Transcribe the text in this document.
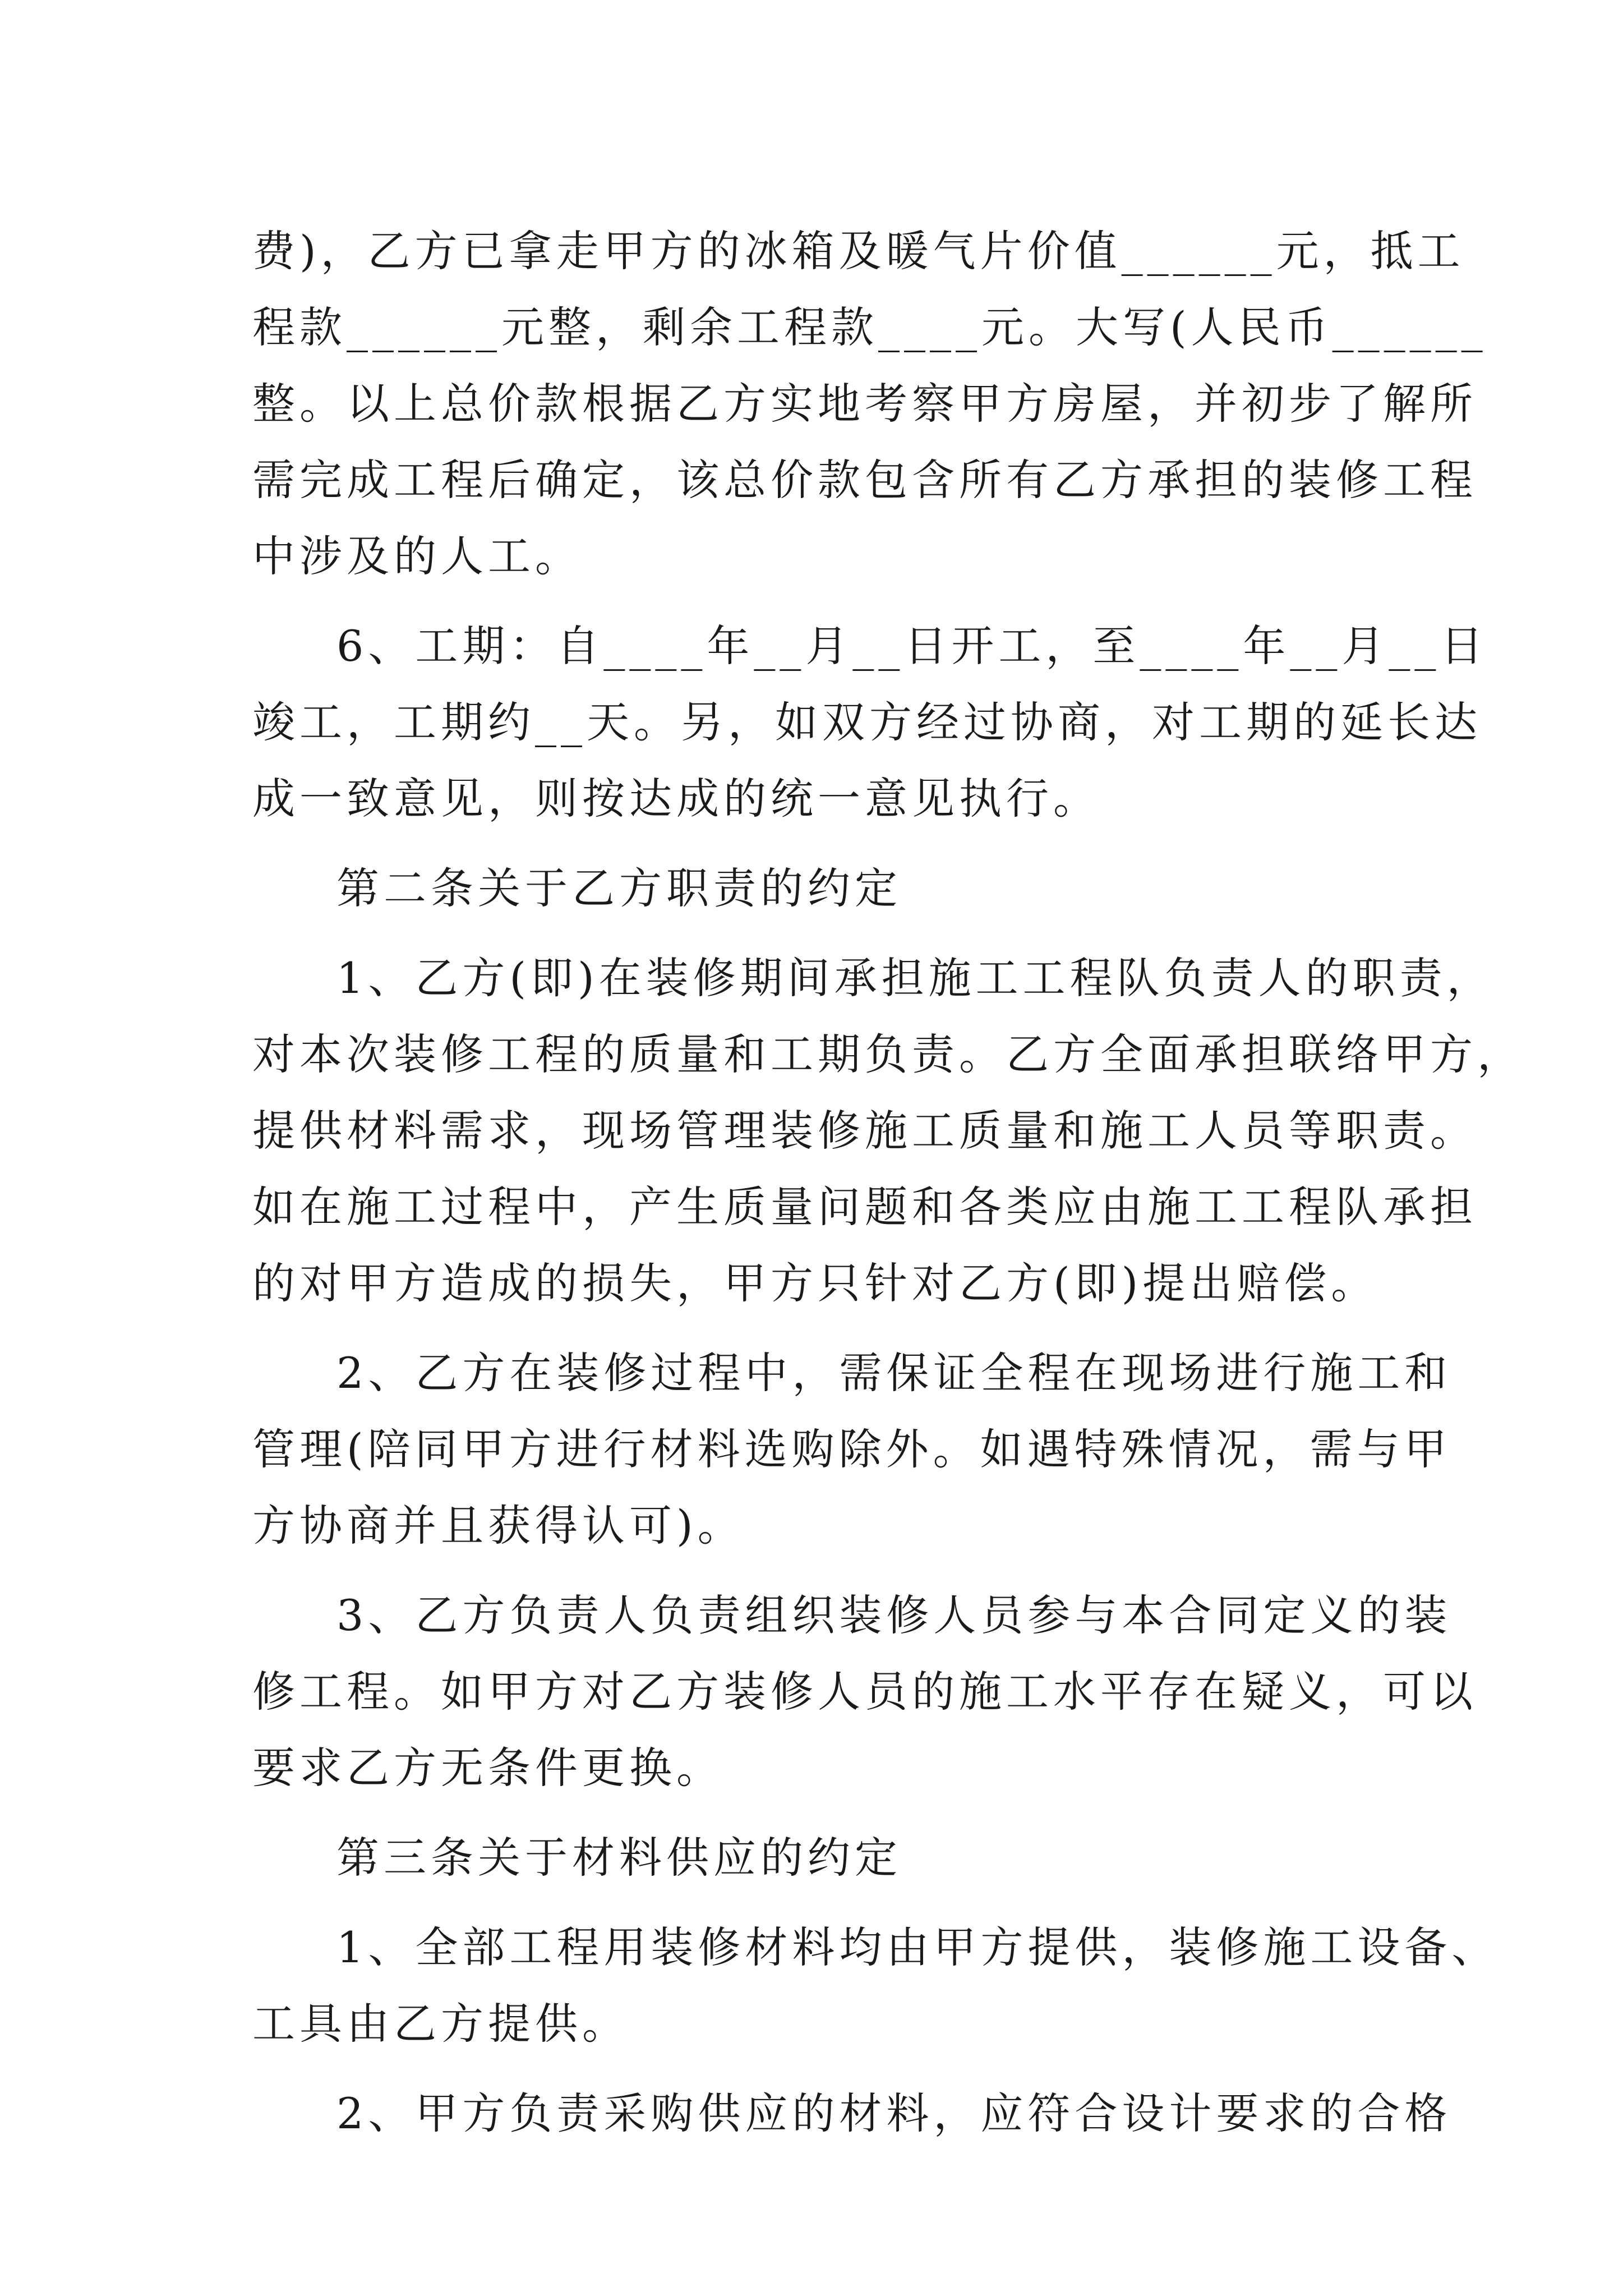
费)，乙方已拿走甲方的冰箱及暖气片价值______元，抵工
程款______元整，剩余工程款____元。大写(人民币______
整。以上总价款根据乙方实地考察甲方房屋，并初步了解所
需完成工程后确定，该总价款包含所有乙方承担的装修工程
中涉及的人工。
6、工期：自____年__月__日开工，至____年__月__日
竣工，工期约__天。另，如双方经过协商，对工期的延长达
成一致意见，则按达成的统一意见执行。
第二条关于乙方职责的约定
1、乙方(即)在装修期间承担施工工程队负责人的职责，
对本次装修工程的质量和工期负责。乙方全面承担联络甲方，
提供材料需求，现场管理装修施工质量和施工人员等职责。
如在施工过程中，产生质量问题和各类应由施工工程队承担
的对甲方造成的损失，甲方只针对乙方(即)提出赔偿。
2、乙方在装修过程中，需保证全程在现场进行施工和
管理(陪同甲方进行材料选购除外。如遇特殊情况，需与甲
方协商并且获得认可)。
3、乙方负责人负责组织装修人员参与本合同定义的装
修工程。如甲方对乙方装修人员的施工水平存在疑义，可以
要求乙方无条件更换。
第三条关于材料供应的约定
1、全部工程用装修材料均由甲方提供，装修施工设备、
工具由乙方提供。
2、甲方负责采购供应的材料，应符合设计要求的合格
